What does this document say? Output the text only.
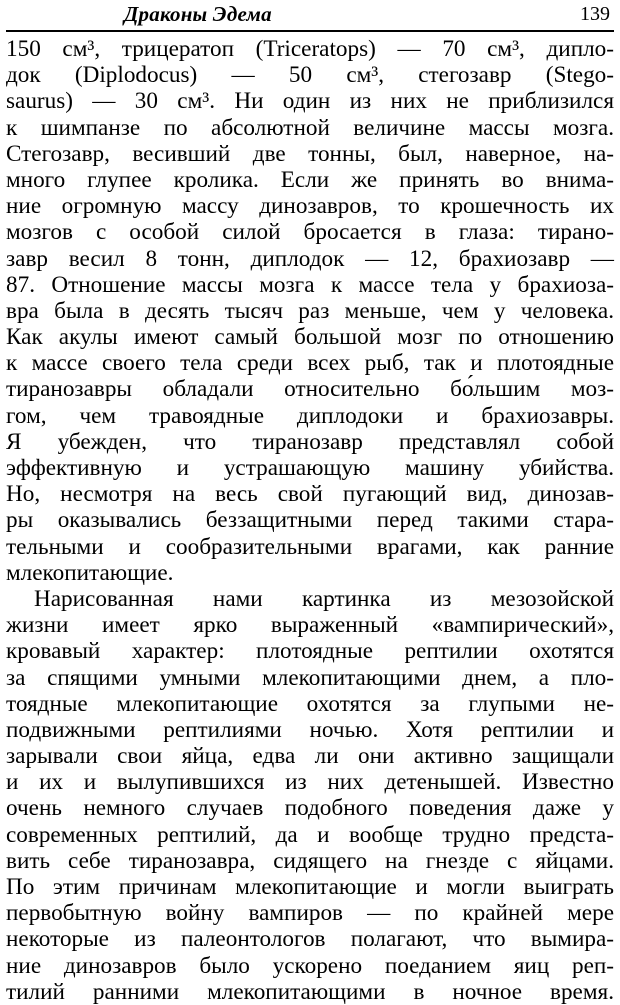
Драконы Эдема	139
150 см³, трицератоп (Triceratops) — 70 см³, дипло-
док (Diplodocus) — 50 см³, стегозавр (Stego-
saurus) — 30 см³. Ни один из них не приблизился
к шимпанзе по абсолютной величине массы мозга.
Стегозавр, весивший две тонны, был, наверное, на-
много глупее кролика. Если же принять во внима-
ние огромную массу динозавров, то крошечность их
мозгов с особой силой бросается в глаза: тирано-
завр весил 8 тонн, диплодок — 12, брахиозавр —
87. Отношение массы мозга к массе тела у брахиоза-
вра была в десять тысяч раз меньше, чем у человека.
Как акулы имеют самый большой мозг по отношению
к массе своего тела среди всех рыб, так и плотоядные
тиранозавры обладали относительно бо́льшим моз-
гом, чем травоядные диплодоки и брахиозавры.
Я убежден, что тиранозавр представлял собой
эффективную и устрашающую машину убийства.
Но, несмотря на весь свой пугающий вид, динозав-
ры оказывались беззащитными перед такими старa-
тельными и сообразительными врагами, как ранние
млекопитающие.
Нарисованная нами картинка из мезозойской
жизни имеет ярко выраженный «вампирический»,
кровавый характер: плотоядные рептилии охотятся
за спящими умными млекопитающими днем, а пло-
тоядные млекопитающие охотятся за глупыми не-
подвижными рептилиями ночью. Хотя рептилии и
зарывали свои яйца, едва ли они активно защищали
и их и вылупившихся из них детенышей. Известно
очень немного случаев подобного поведения даже у
современных рептилий, да и вообще трудно предста-
вить себе тиранозавра, сидящего на гнезде с яйцами.
По этим причинам млекопитающие и могли выиграть
первобытную войну вампиров — по крайней мере
некоторые из палеонтологов полагают, что вымира-
ние динозавров было ускорено поеданием яиц реп-
тилий ранними млекопитающими в ночное время.
